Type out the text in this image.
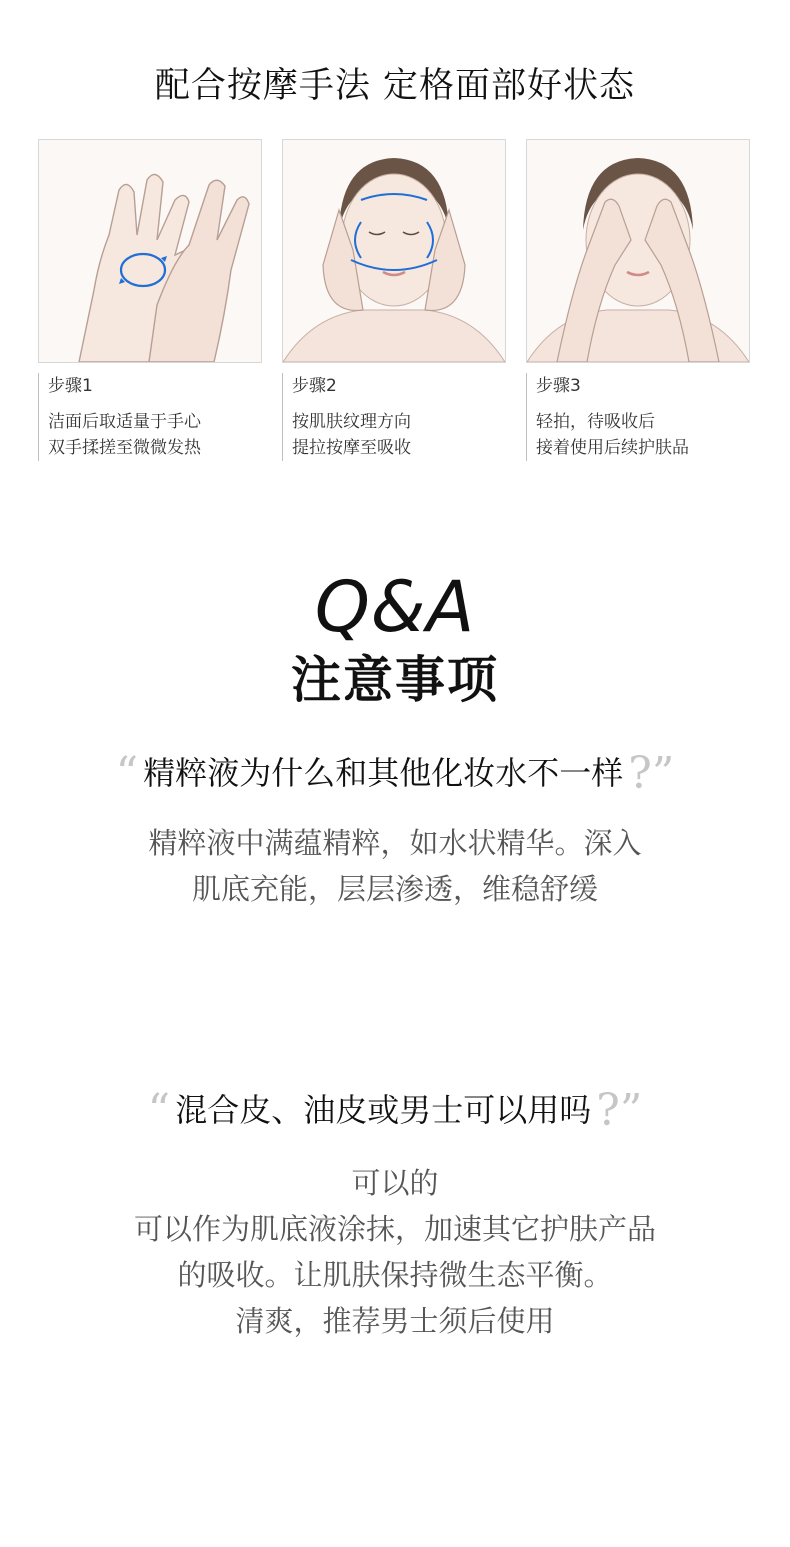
配合按摩手法 定格面部好状态
步骤1
洁面后取适量于手心
双手揉搓至微微发热
步骤2
按肌肤纹理方向
提拉按摩至吸收
步骤3
轻拍，待吸收后
接着使用后续护肤品
Q&A
注意事项
“ 精粹液为什么和其他化妆水不一样 ?”
精粹液中满蕴精粹，如水状精华。深入
肌底充能，层层渗透，维稳舒缓
“ 混合皮、油皮或男士可以用吗 ?”
可以的
可以作为肌底液涂抹，加速其它护肤产品
的吸收。让肌肤保持微生态平衡。
清爽，推荐男士须后使用
